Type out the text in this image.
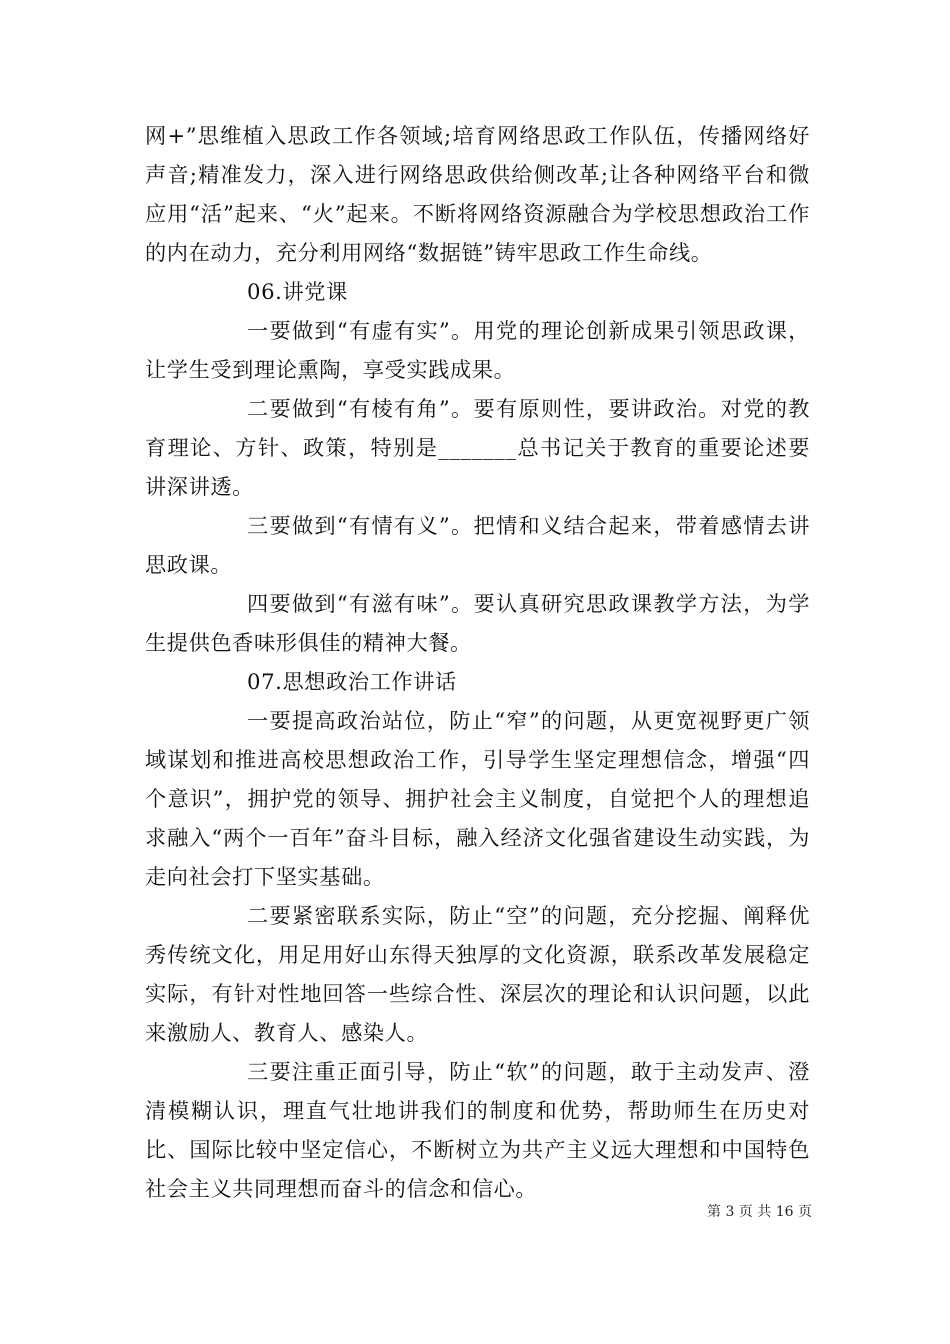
网+”思维植入思政工作各领域;培育网络思政工作队伍，传播网络好声音;精准发力，深入进行网络思政供给侧改革;让各种网络平台和微应用“活”起来、“火”起来。不断将网络资源融合为学校思想政治工作的内在动力，充分利用网络“数据链”铸牢思政工作生命线。

06.讲党课

一要做到“有虚有实”。用党的理论创新成果引领思政课，让学生受到理论熏陶，享受实践成果。

二要做到“有棱有角”。要有原则性，要讲政治。对党的教育理论、方针、政策，特别是_______总书记关于教育的重要论述要讲深讲透。

三要做到“有情有义”。把情和义结合起来，带着感情去讲思政课。

四要做到“有滋有味”。要认真研究思政课教学方法，为学生提供色香味形俱佳的精神大餐。

07.思想政治工作讲话

一要提高政治站位，防止“窄”的问题，从更宽视野更广领域谋划和推进高校思想政治工作，引导学生坚定理想信念，增强“四个意识”，拥护党的领导、拥护社会主义制度，自觉把个人的理想追求融入“两个一百年”奋斗目标，融入经济文化强省建设生动实践，为走向社会打下坚实基础。

二要紧密联系实际，防止“空”的问题，充分挖掘、阐释优秀传统文化，用足用好山东得天独厚的文化资源，联系改革发展稳定实际，有针对性地回答一些综合性、深层次的理论和认识问题，以此来激励人、教育人、感染人。

三要注重正面引导，防止“软”的问题，敢于主动发声、澄清模糊认识，理直气壮地讲我们的制度和优势，帮助师生在历史对比、国际比较中坚定信心，不断树立为共产主义远大理想和中国特色社会主义共同理想而奋斗的信念和信心。

第 3 页 共 16 页
